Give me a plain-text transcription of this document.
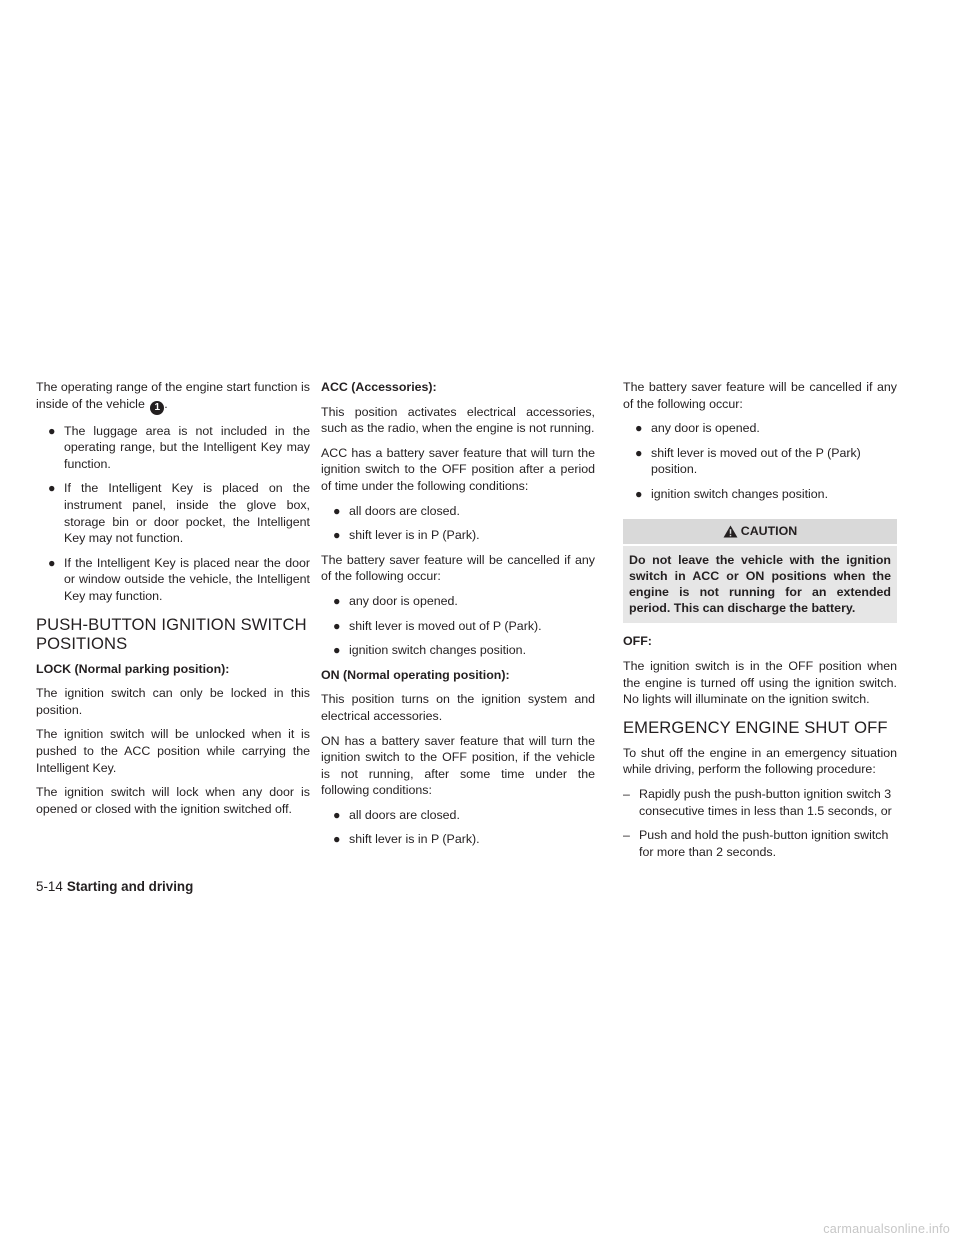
The operating range of the engine start function is inside of the vehicle 1 .

● The luggage area is not included in the operating range, but the Intelligent Key may function.
● If the Intelligent Key is placed on the instrument panel, inside the glove box, storage bin or door pocket, the Intelligent Key may not function.
● If the Intelligent Key is placed near the door or window outside the vehicle, the Intelligent Key may function.
PUSH-BUTTON IGNITION SWITCH POSITIONS
LOCK (Normal parking position):

The ignition switch can only be locked in this position.

The ignition switch will be unlocked when it is pushed to the ACC position while carrying the Intelligent Key.

The ignition switch will lock when any door is opened or closed with the ignition switched off.

ACC (Accessories):

This position activates electrical accessories, such as the radio, when the engine is not running.

ACC has a battery saver feature that will turn the ignition switch to the OFF position after a period of time under the following conditions:

● all doors are closed.
● shift lever is in P (Park).

The battery saver feature will be cancelled if any of the following occur:

● any door is opened.
● shift lever is moved out of P (Park).
● ignition switch changes position.
ON (Normal operating position):

This position turns on the ignition system and electrical accessories.

ON has a battery saver feature that will turn the ignition switch to the OFF position, if the vehicle is not running, after some time under the following conditions:

● all doors are closed.
● shift lever is in P (Park).

The battery saver feature will be cancelled if any of the following occur:

● any door is opened.
● shift lever is moved out of the P (Park) position.
● ignition switch changes position.
CAUTION
Do not leave the vehicle with the ignition switch in ACC or ON positions when the engine is not running for an extended period. This can discharge the battery.
OFF:

The ignition switch is in the OFF position when the engine is turned off using the ignition switch. No lights will illuminate on the ignition switch.

EMERGENCY ENGINE SHUT OFF

To shut off the engine in an emergency situation while driving, perform the following procedure:

– Rapidly push the push-button ignition switch 3 consecutive times in less than 1.5 seconds, or
– Push and hold the push-button ignition switch for more than 2 seconds.
5-14 Starting and driving
carmanualsonline.info
